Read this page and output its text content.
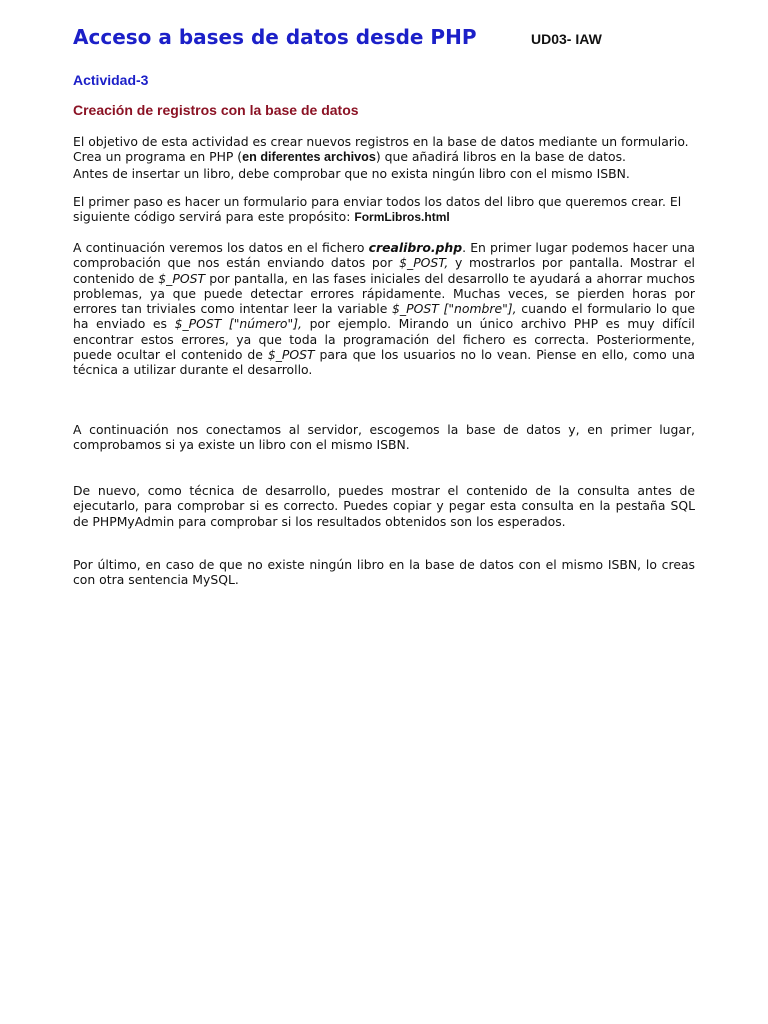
Acceso a bases de datos desde PHP	UD03- IAW
Actividad-3
Creación de registros con la base de datos
El objetivo de esta actividad es crear nuevos registros en la base de datos mediante un formulario.
Crea un programa en PHP (en diferentes archivos) que añadirá libros en la base de datos.
Antes de insertar un libro, debe comprobar que no exista ningún libro con el mismo ISBN.
El primer paso es hacer un formulario para enviar todos los datos del libro que queremos crear. El
siguiente código servirá para este propósito: FormLibros.html
A continuación veremos los datos en el fichero crealibro.php. En primer lugar podemos hacer una comprobación que nos están enviando datos por $_POST, y mostrarlos por pantalla. Mostrar el contenido de $_POST por pantalla, en las fases iniciales del desarrollo te ayudará a ahorrar muchos problemas, ya que puede detectar errores rápidamente. Muchas veces, se pierden horas por errores tan triviales como intentar leer la variable $_POST ["nombre"], cuando el formulario lo que ha enviado es $_POST ["número"], por ejemplo. Mirando un único archivo PHP es muy difícil encontrar estos errores, ya que toda la programación del fichero es correcta. Posteriormente, puede ocultar el contenido de $_POST para que los usuarios no lo vean. Piense en ello, como una técnica a utilizar durante el desarrollo.
A continuación nos conectamos al servidor, escogemos la base de datos y, en primer lugar, comprobamos si ya existe un libro con el mismo ISBN.
De nuevo, como técnica de desarrollo, puedes mostrar el contenido de la consulta antes de ejecutarlo, para comprobar si es correcto. Puedes copiar y pegar esta consulta en la pestaña SQL de PHPMyAdmin para comprobar si los resultados obtenidos son los esperados.
Por último, en caso de que no existe ningún libro en la base de datos con el mismo ISBN, lo creas con otra sentencia MySQL.
